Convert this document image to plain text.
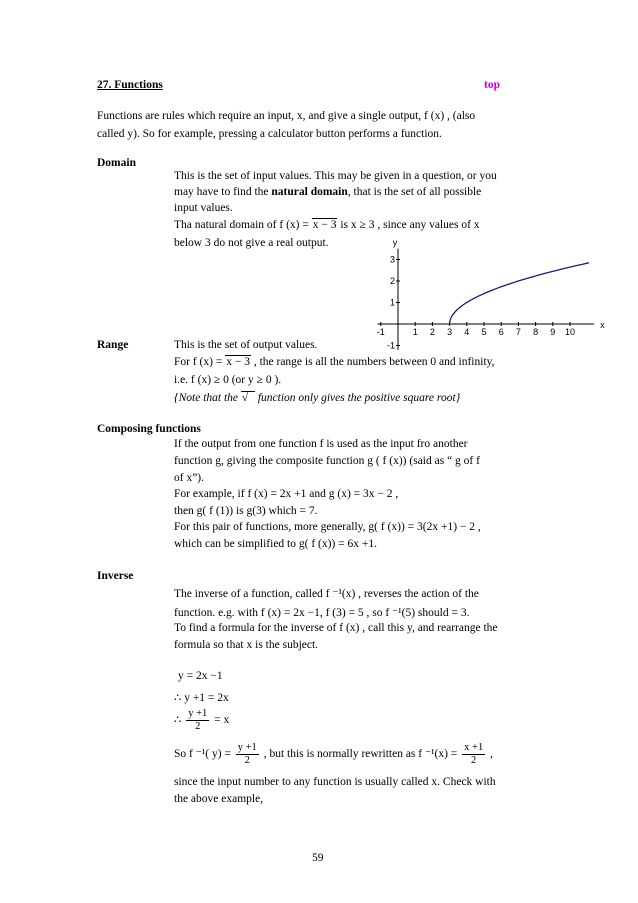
27. Functions	top
Functions are rules which require an input, x, and give a single output, f (x) , (also
called y). So for example, pressing a calculator button performs a function.
Domain
This is the set of input values. This may be given in a question, or you
may have to find the natural domain, that is the set of all possible
input values.
Tha natural domain of f (x) = x − 3 is x ≥ 3 , since any values of x
below 3 do not give a real output.
-1	1 2 3 4 5 6 7 8 9 10
3
2
1
-1
y
x
Range	This is the set of output values.
For f (x) = x − 3 , the range is all the numbers between 0 and infinity,
i.e. f (x) ≥ 0 (or y ≥ 0 ).
{Note that the √   function only gives the positive square root}
Composing functions
If the output from one function f is used as the input fro another
function g, giving the composite function g ( f (x)) (said as “ g of f
of x”).
For example, if f (x) = 2x +1 and g (x) = 3x − 2 ,
then g( f (1)) is g(3) which = 7.
For this pair of functions, more generally, g( f (x)) = 3(2x +1) − 2 ,
which can be simplified to g( f (x)) = 6x +1.
Inverse
The inverse of a function, called f ⁻¹(x) , reverses the action of the
function. e.g. with f (x) = 2x −1, f (3) = 5 , so f ⁻¹(5) should = 3.
To find a formula for the inverse of f (x) , call this y, and rearrange the
formula so that x is the subject.
y = 2x −1
∴ y +1 = 2x
∴ $\frac{y +1}{2} = x$
So f ⁻¹( $y) = \frac{y +1}{2}$ , but this is normally rewritten as f $^{-1}(x) = \frac{x +1}{2}$ ,
since the input number to any function is usually called x. Check with
the above example,
59
